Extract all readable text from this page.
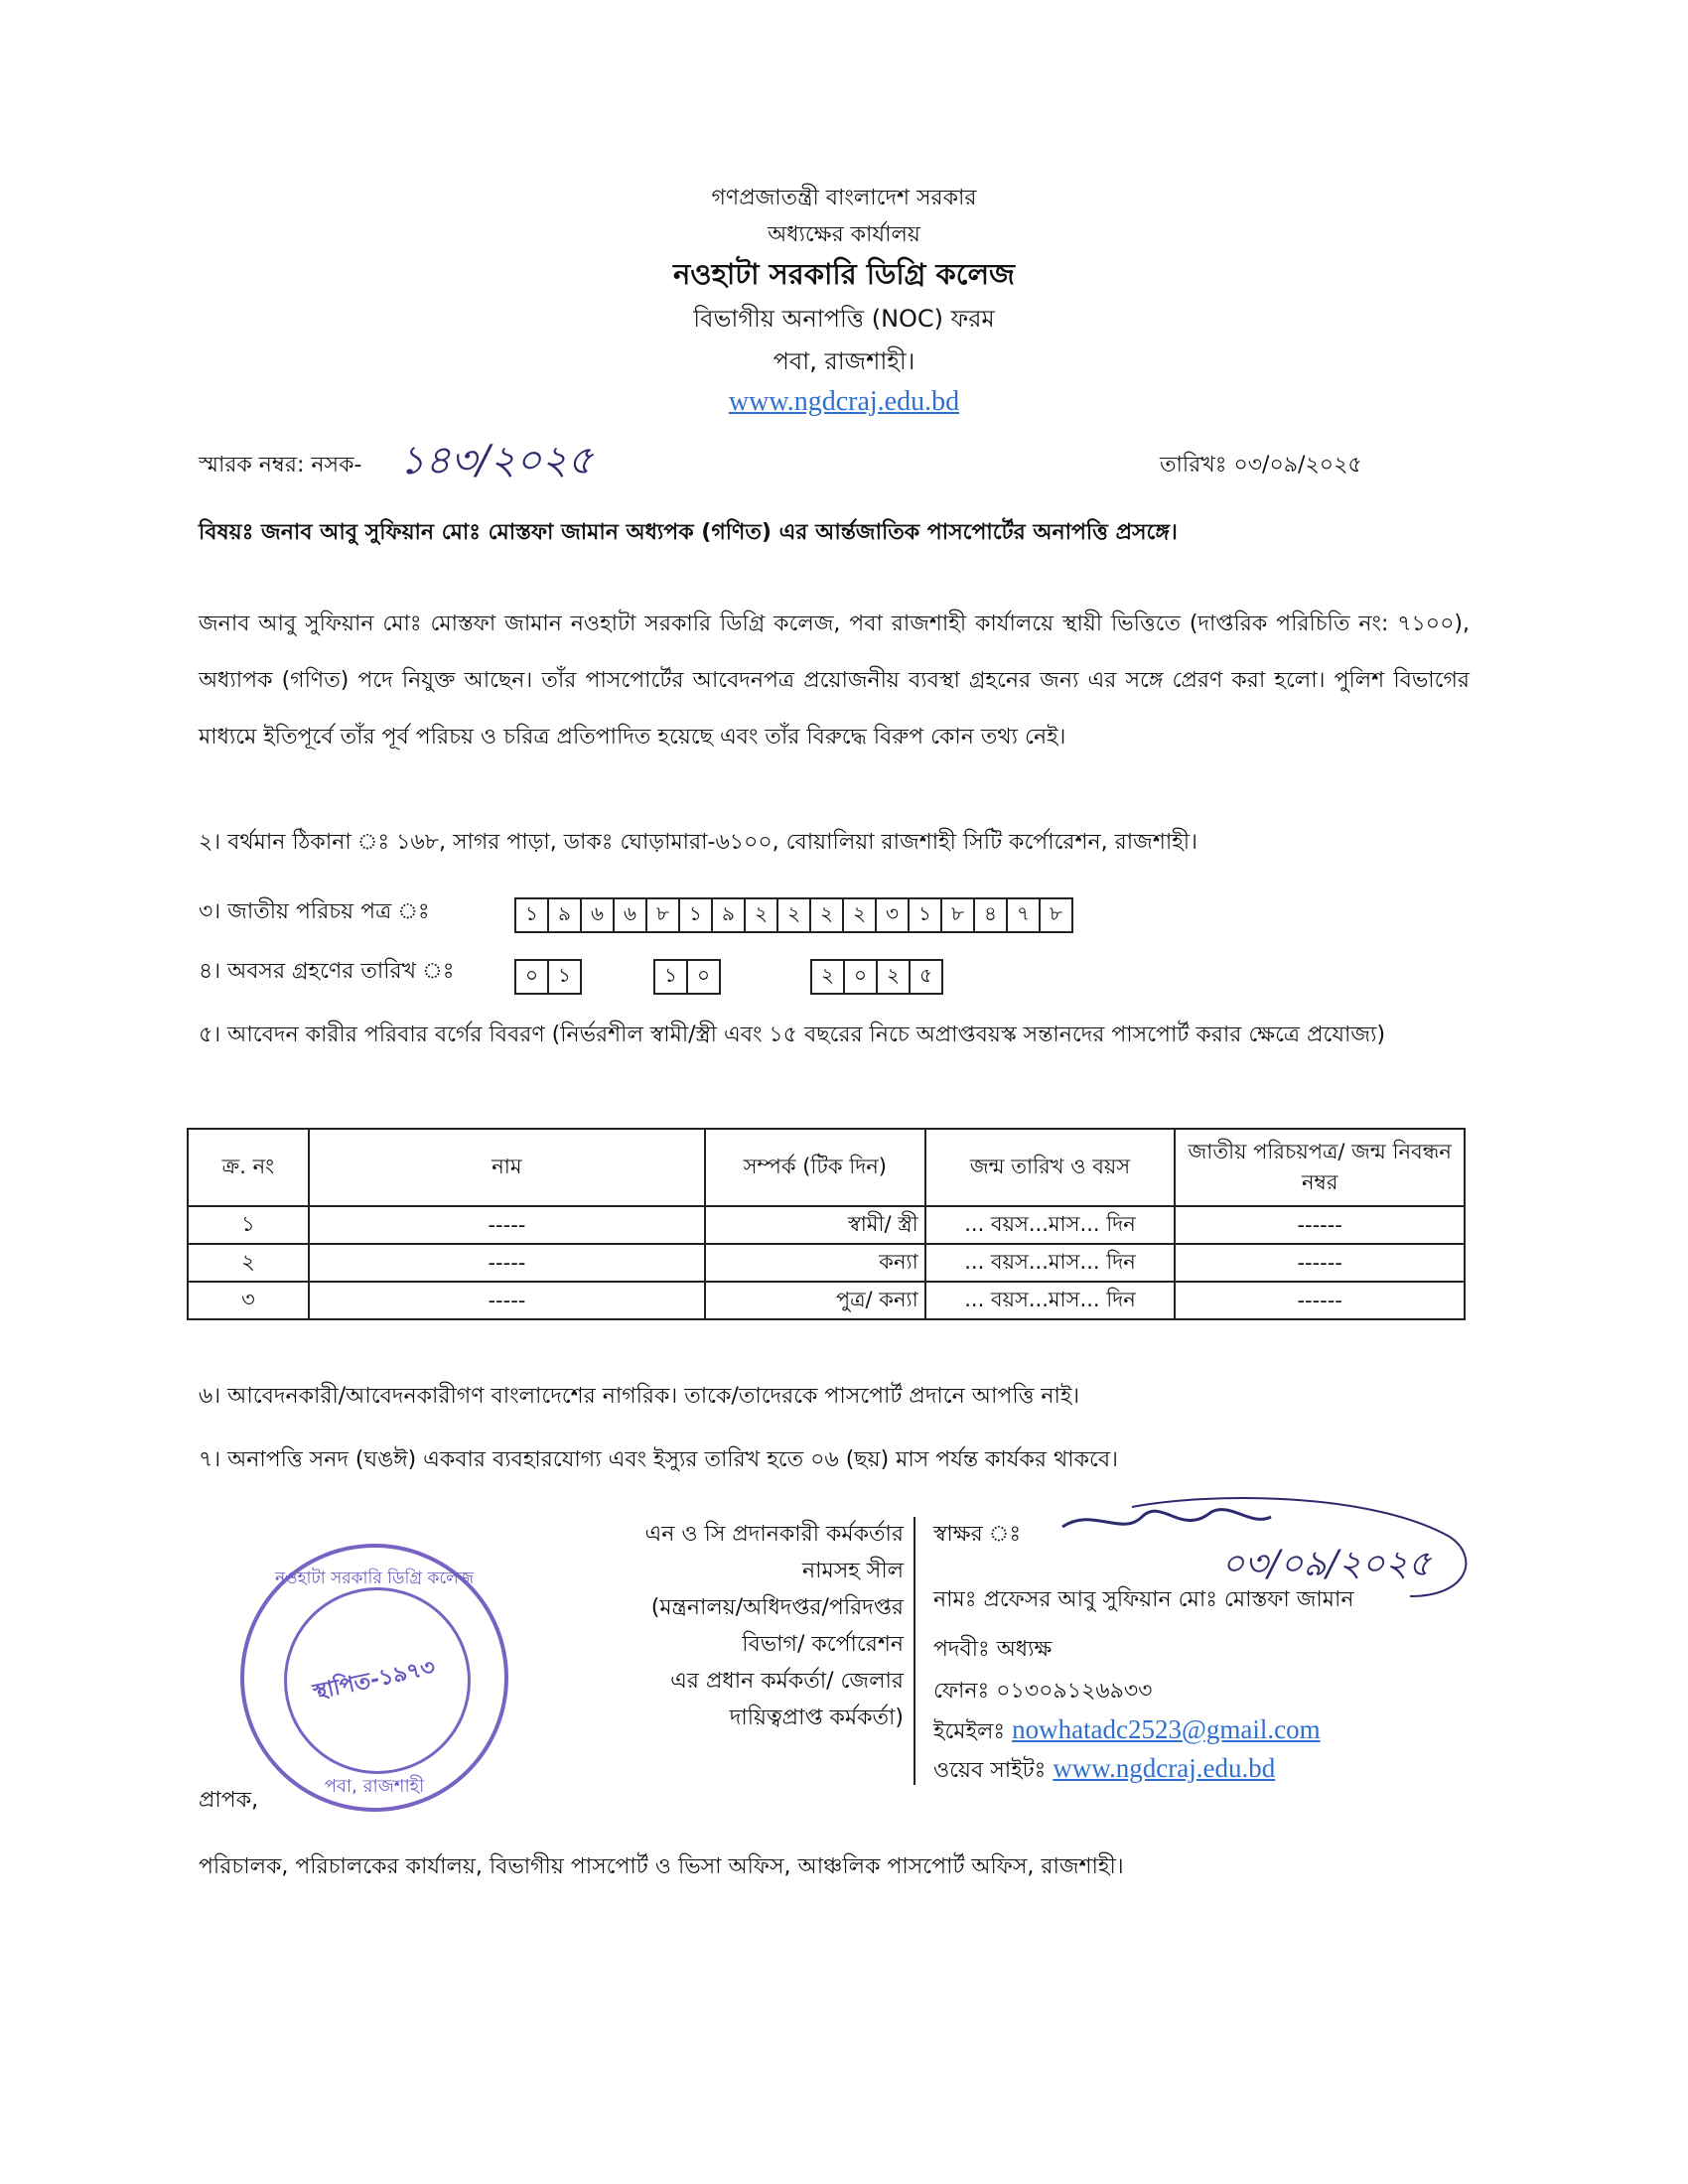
গণপ্রজাতন্ত্রী বাংলাদেশ সরকার
অধ্যক্ষের কার্যালয়
নওহাটা সরকারি ডিগ্রি কলেজ
বিভাগীয় অনাপত্তি (NOC) ফরম
পবা, রাজশাহী।
www.ngdcraj.edu.bd
স্মারক নম্বর: নসক- ১৪৩/২০২৫	তারিখঃ ০৩/০৯/২০২৫
বিষয়ঃ জনাব আবু সুফিয়ান মোঃ মোস্তফা জামান অধ্যপক (গণিত) এর আর্ন্তজাতিক পাসপোর্টের অনাপত্তি প্রসঙ্গে।
জনাব আবু সুফিয়ান মোঃ মোস্তফা জামান নওহাটা সরকারি ডিগ্রি কলেজ, পবা রাজশাহী কার্যালয়ে স্থায়ী ভিত্তিতে (দাপ্তরিক পরিচিতি নং: ৭১০০), অধ্যাপক (গণিত) পদে নিযুক্ত আছেন। তাঁর পাসপোর্টের আবেদনপত্র প্রয়োজনীয় ব্যবস্থা গ্রহনের জন্য এর সঙ্গে প্রেরণ করা হলো। পুলিশ বিভাগের মাধ্যমে ইতিপূর্বে তাঁর পূর্ব পরিচয় ও চরিত্র প্রতিপাদিত হয়েছে এবং তাঁর বিরুদ্ধে বিরুপ কোন তথ্য নেই।
২। বর্থমান ঠিকানা ঃ ১৬৮, সাগর পাড়া, ডাকঃ ঘোড়ামারা-৬১০০, বোয়ালিয়া রাজশাহী সিটি কর্পোরেশন, রাজশাহী।
৩। জাতীয় পরিচয় পত্র ঃ	১	৯	৬ ৬	৮	১	৯	২ ২ ২ ২ ৩	১	৮	৪	৭	৮
৪। অবসর গ্রহণের তারিখ ঃ	০	১	১	০	২ ০ ২	৫
৫। আবেদন কারীর পরিবার বর্গের বিবরণ (নির্ভরশীল স্বামী/স্ত্রী এবং ১৫ বছরের নিচে অপ্রাপ্তবয়স্ক সন্তানদের পাসপোর্ট করার ক্ষেত্রে প্রযোজ্য)
ক্র. নং	নাম	সম্পর্ক (টিক দিন)	জন্ম তারিখ ও বয়স	জাতীয় পরিচয়পত্র/ জন্ম নিবন্ধন নম্বর
১	-----	স্বামী/ স্ত্রী	... বয়স...মাস... দিন	------
২	-----	কন্যা	... বয়স...মাস... দিন	------
৩	-----	পুত্র/ কন্যা	... বয়স...মাস... দিন	------
৬। আবেদনকারী/আবেদনকারীগণ বাংলাদেশের নাগরিক। তাকে/তাদেরকে পাসপোর্ট প্রদানে আপত্তি নাই।
৭। অনাপত্তি সনদ (ঘঙঈ) একবার ব্যবহারযোগ্য এবং ইস্যুর তারিখ হতে ০৬ (ছয়) মাস পর্যন্ত কার্যকর থাকবে।
এন ও সি প্রদানকারী কর্মকর্তার
নামসহ সীল
(মন্ত্রনালয়/অধিদপ্তর/পরিদপ্তর
বিভাগ/ কর্পোরেশন
এর প্রধান কর্মকর্তা/ জেলার
দায়িত্বপ্রাপ্ত কর্মকর্তা)
স্বাক্ষর ঃ
০৩/০৯/২০২৫
নামঃ প্রফেসর আবু সুফিয়ান মোঃ মোস্তফা জামান
পদবীঃ অধ্যক্ষ
ফোনঃ ০১৩০৯১২৬৯৩৩
ইমেইলঃ nowhatadc2523@gmail.com
ওয়েব সাইটঃ www.ngdcraj.edu.bd
নওহাটা সরকারি ডিগ্রি কলেজ
স্থাপিত-১৯৭৩
পবা, রাজশাহী
প্রাপক,
পরিচালক, পরিচালকের কার্যালয়, বিভাগীয় পাসপোর্ট ও ভিসা অফিস, আঞ্চলিক পাসপোর্ট অফিস, রাজশাহী।
